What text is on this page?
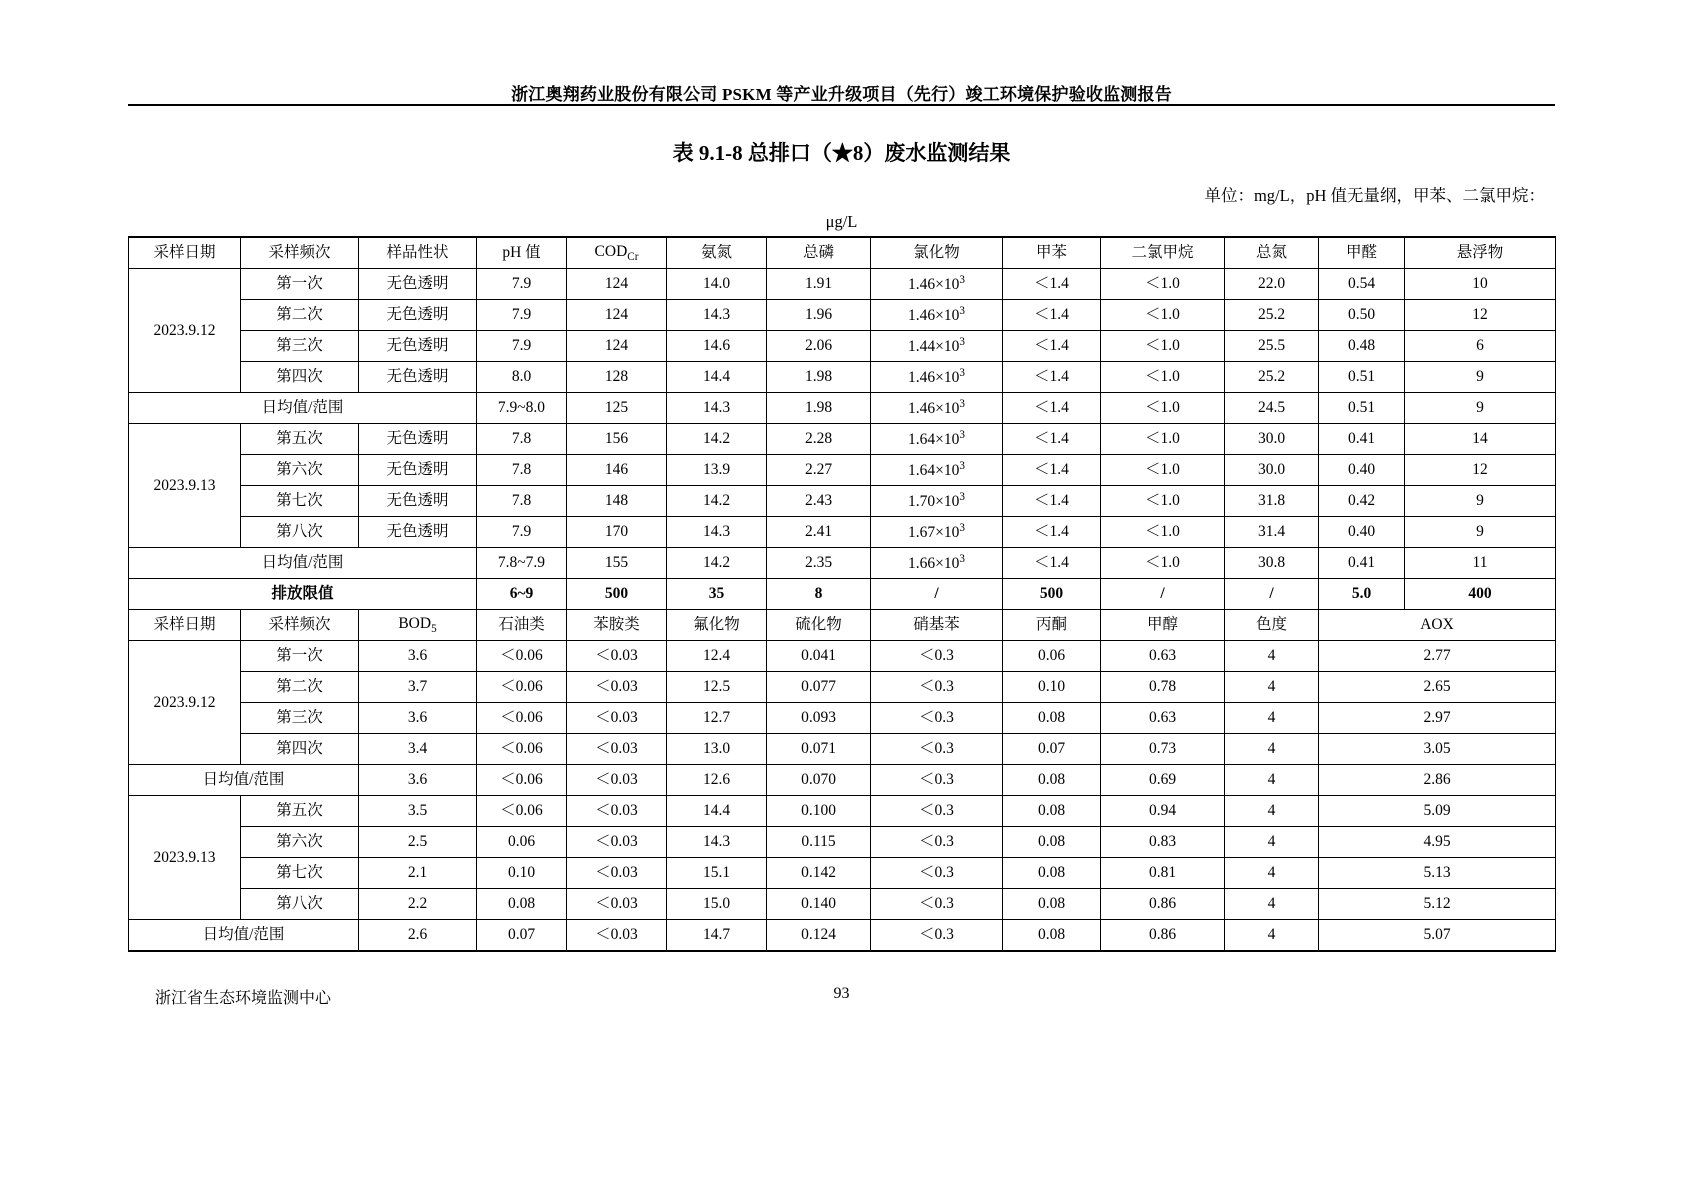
浙江奥翔药业股份有限公司 PSKM 等产业升级项目（先行）竣工环境保护验收监测报告
表 9.1-8 总排口（★8）废水监测结果
单位：mg/L，pH 值无量纲，甲苯、二氯甲烷：
μg/L
采样日期	采样频次	样品性状	pH 值	$COD_{Cr}$	氨氮	总磷	氯化物	甲苯	二氯甲烷	总氮	甲醛	悬浮物
2023.9.12	第一次	无色透明	7.9	124	14.0	1.91	$1.46\times 10^3$	＜1.4	＜1.0	22.0	0.54	10
	第二次	无色透明	7.9	124	14.3	1.96	$1.46\times 10^3$	＜1.4	＜1.0	25.2	0.50	12
	第三次	无色透明	7.9	124	14.6	2.06	$1.44\times 10^3$	＜1.4	＜1.0	25.5	0.48	6
	第四次	无色透明	8.0	128	14.4	1.98	$1.46\times 10^3$	＜1.4	＜1.0	25.2	0.51	9
日均值/范围			7.9~8.0	125	14.3	1.98	$1.46\times 10^3$	＜1.4	＜1.0	24.5	0.51	9
2023.9.13	第五次	无色透明	7.8	156	14.2	2.28	$1.64\times 10^3$	＜1.4	＜1.0	30.0	0.41	14
	第六次	无色透明	7.8	146	13.9	2.27	$1.64\times 10^3$	＜1.4	＜1.0	30.0	0.40	12
	第七次	无色透明	7.8	148	14.2	2.43	$1.70\times 10^3$	＜1.4	＜1.0	31.8	0.42	9
	第八次	无色透明	7.9	170	14.3	2.41	$1.67\times 10^3$	＜1.4	＜1.0	31.4	0.40	9
日均值/范围			7.8~7.9	155	14.2	2.35	$1.66\times 10^3$	＜1.4	＜1.0	30.8	0.41	11
排放限值			6~9	500	35	8	/	500	/	/	5.0	400
采样日期	采样频次	$BOD_5$	石油类	苯胺类	氟化物	硫化物	硝基苯	丙酮	甲醇	色度	AOX	
2023.9.12	第一次	3.6	＜0.06	＜0.03	12.4	0.041	＜0.3	0.06	0.63	4	2.77	
	第二次	3.7	＜0.06	＜0.03	12.5	0.077	＜0.3	0.10	0.78	4	2.65	
	第三次	3.6	＜0.06	＜0.03	12.7	0.093	＜0.3	0.08	0.63	4	2.97	
	第四次	3.4	＜0.06	＜0.03	13.0	0.071	＜0.3	0.07	0.73	4	3.05	
日均值/范围		3.6	＜0.06	＜0.03	12.6	0.070	＜0.3	0.08	0.69	4	2.86	
2023.9.13	第五次	3.5	＜0.06	＜0.03	14.4	0.100	＜0.3	0.08	0.94	4	5.09	
	第六次	2.5	0.06	＜0.03	14.3	0.115	＜0.3	0.08	0.83	4	4.95	
	第七次	2.1	0.10	＜0.03	15.1	0.142	＜0.3	0.08	0.81	4	5.13	
	第八次	2.2	0.08	＜0.03	15.0	0.140	＜0.3	0.08	0.86	4	5.12	
日均值/范围		2.6	0.07	＜0.03	14.7	0.124	＜0.3	0.08	0.86	4	5.07	
浙江省生态环境监测中心	93
